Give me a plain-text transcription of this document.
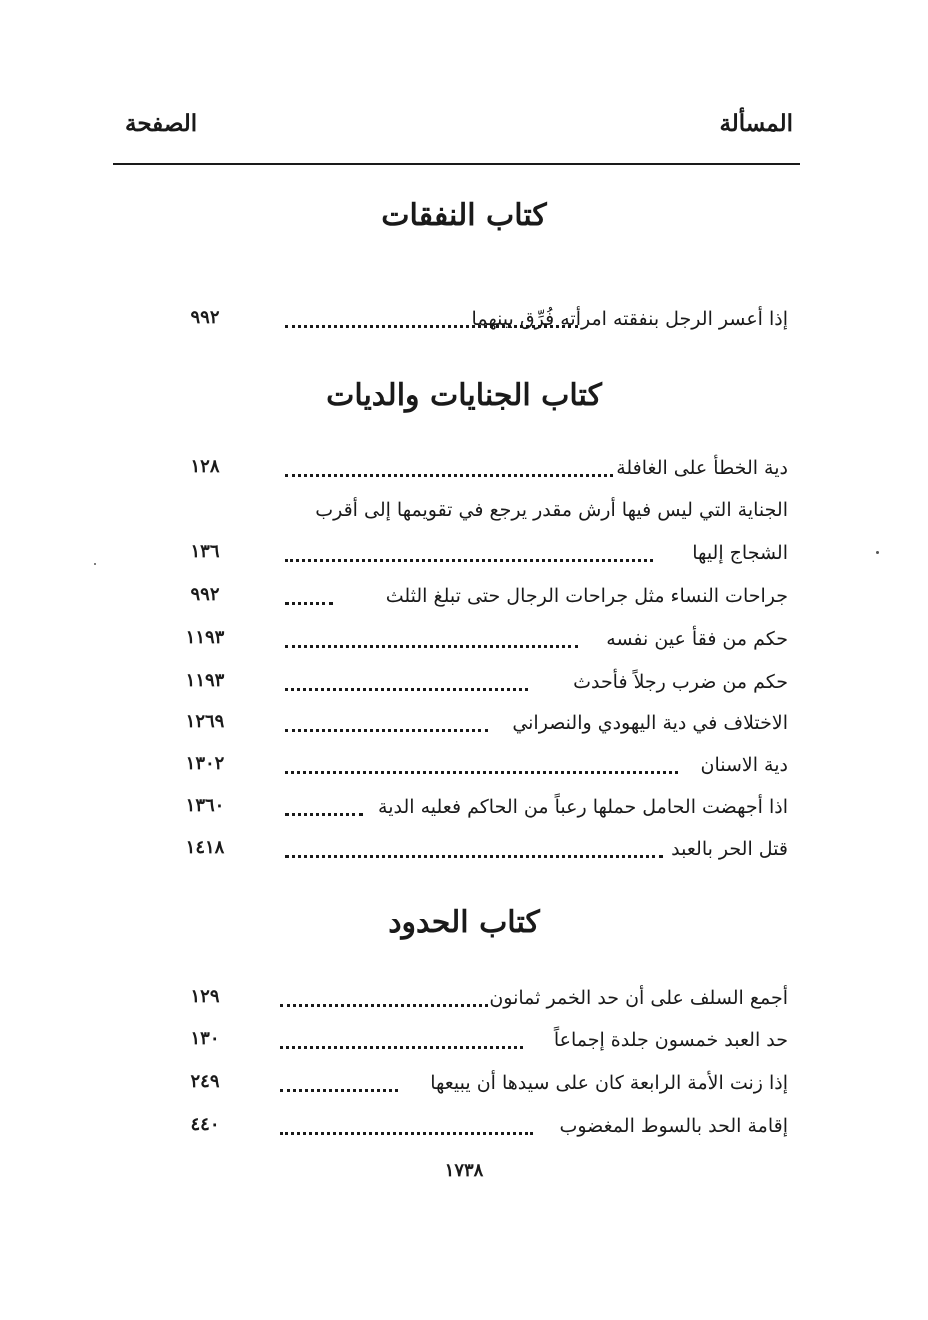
المسألة
الصفحة
كتاب النفقات
إذا أعسر الرجل بنفقته امرأته فُرِّق بينهما
٩٩٢
كتاب الجنايات والديات
دية الخطأ على الغافلة
١٢٨
الجناية التي ليس فيها أرش مقدر يرجع في تقويمها إلى أقرب
الشجاج إليها
١٣٦
جراحات النساء مثل جراحات الرجال حتى تبلغ الثلث
٩٩٢
حكم من فقأ عين نفسه
١١٩٣
حكم من ضرب رجلاً فأحدث
١١٩٣
الاختلاف في دية اليهودي والنصراني
١٢٦٩
دية الاسنان
١٣٠٢
اذا أجهضت الحامل حملها رعباً من الحاكم فعليه الدية
١٣٦٠
قتل الحر بالعبد
١٤١٨
كتاب الحدود
أجمع السلف على أن حد الخمر ثمانون
١٢٩
حد العبد خمسون جلدة إجماعاً
١٣٠
إذا زنت الأمة الرابعة كان على سيدها أن يبيعها
٢٤٩
إقامة الحد بالسوط المغضوب
٤٤٠
١٧٣٨
